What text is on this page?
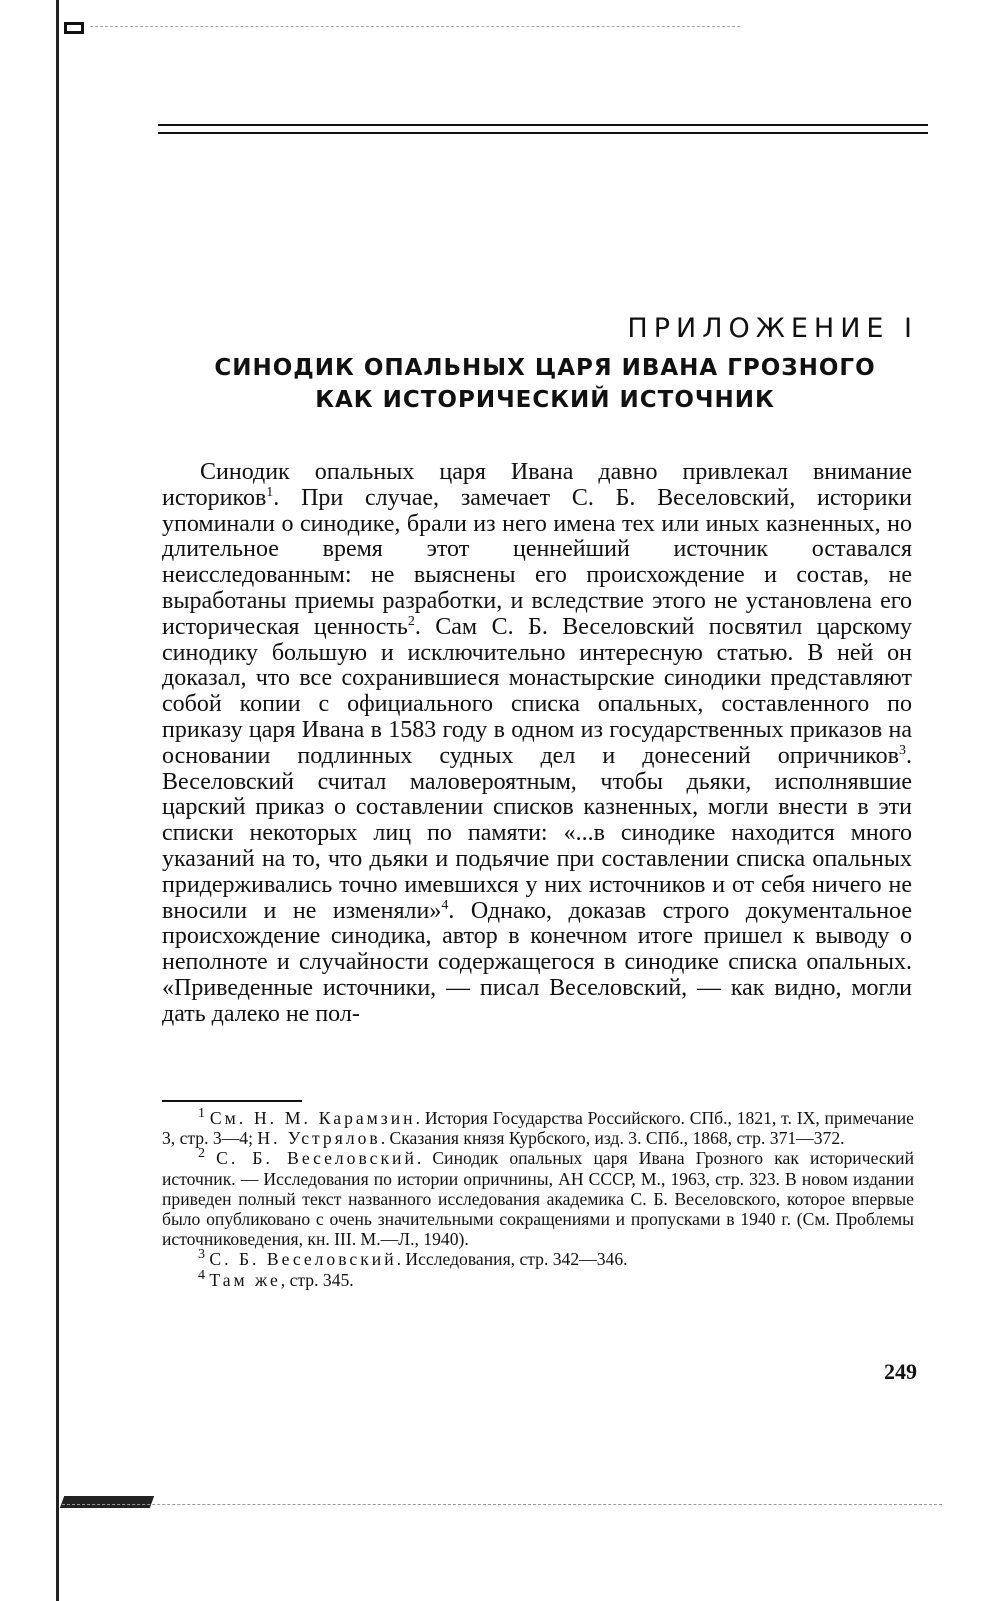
ПРИЛОЖЕНИЕ I
СИНОДИК ОПАЛЬНЫХ ЦАРЯ ИВАНА ГРОЗНОГО
КАК ИСТОРИЧЕСКИЙ ИСТОЧНИК
Синодик опальных царя Ивана давно привлекал внимание историков$^1$. При случае, замечает С. Б. Веселовский, историки упоминали о синодике, брали из него имена тех или иных казненных, но длительное время этот ценнейший источник оставался неисследованным: не выяснены его происхождение и состав, не выработаны приемы разработки, и вследствие этого не установлена его историческая ценность$^2$. Сам С. Б. Веселовский посвятил царскому синодику большую и исключительно интересную статью. В ней он доказал, что все сохранившиеся монастырские синодики представляют собой копии с официального списка опальных, составленного по приказу царя Ивана в 1583 году в одном из государственных приказов на основании подлинных судных дел и донесений опричников$^3$. Веселовский считал маловероятным, чтобы дьяки, исполнявшие царский приказ о составлении списков казненных, могли внести в эти списки некоторых лиц по памяти: «...в синодике находится много указаний на то, что дьяки и подьячие при составлении списка опальных придерживались точно имевшихся у них источников и от себя ничего не вносили и не изменяли»$^4$. Однако, доказав строго документальное происхождение синодика, автор в конечном итоге пришел к выводу о неполноте и случайности содержащегося в синодике списка опальных. «Приведенные источники, — писал Веселовский, — как видно, могли дать далеко не пол-

$^1$ См. Н. М. Карамзин. История Государства Российского. СПб., 1821, т. IX, примечание 3, стр. 3—4; Н. Устрялов. Сказания князя Курбского, изд. 3. СПб., 1868, стр. 371—372.

$^2$ С. Б. Веселовский. Синодик опальных царя Ивана Грозного как исторический источник. — Исследования по истории опричнины, АН СССР, М., 1963, стр. 323. В новом издании приведен полный текст названного исследования академика С. Б. Веселовского, которое впервые было опубликовано с очень значительными сокращениями и пропусками в 1940 г. (См. Проблемы источниковедения, кн. III. М.—Л., 1940).

$^3$ С. Б. Веселовский. Исследования, стр. 342—346.

$^4$ Там же, стр. 345.

249
